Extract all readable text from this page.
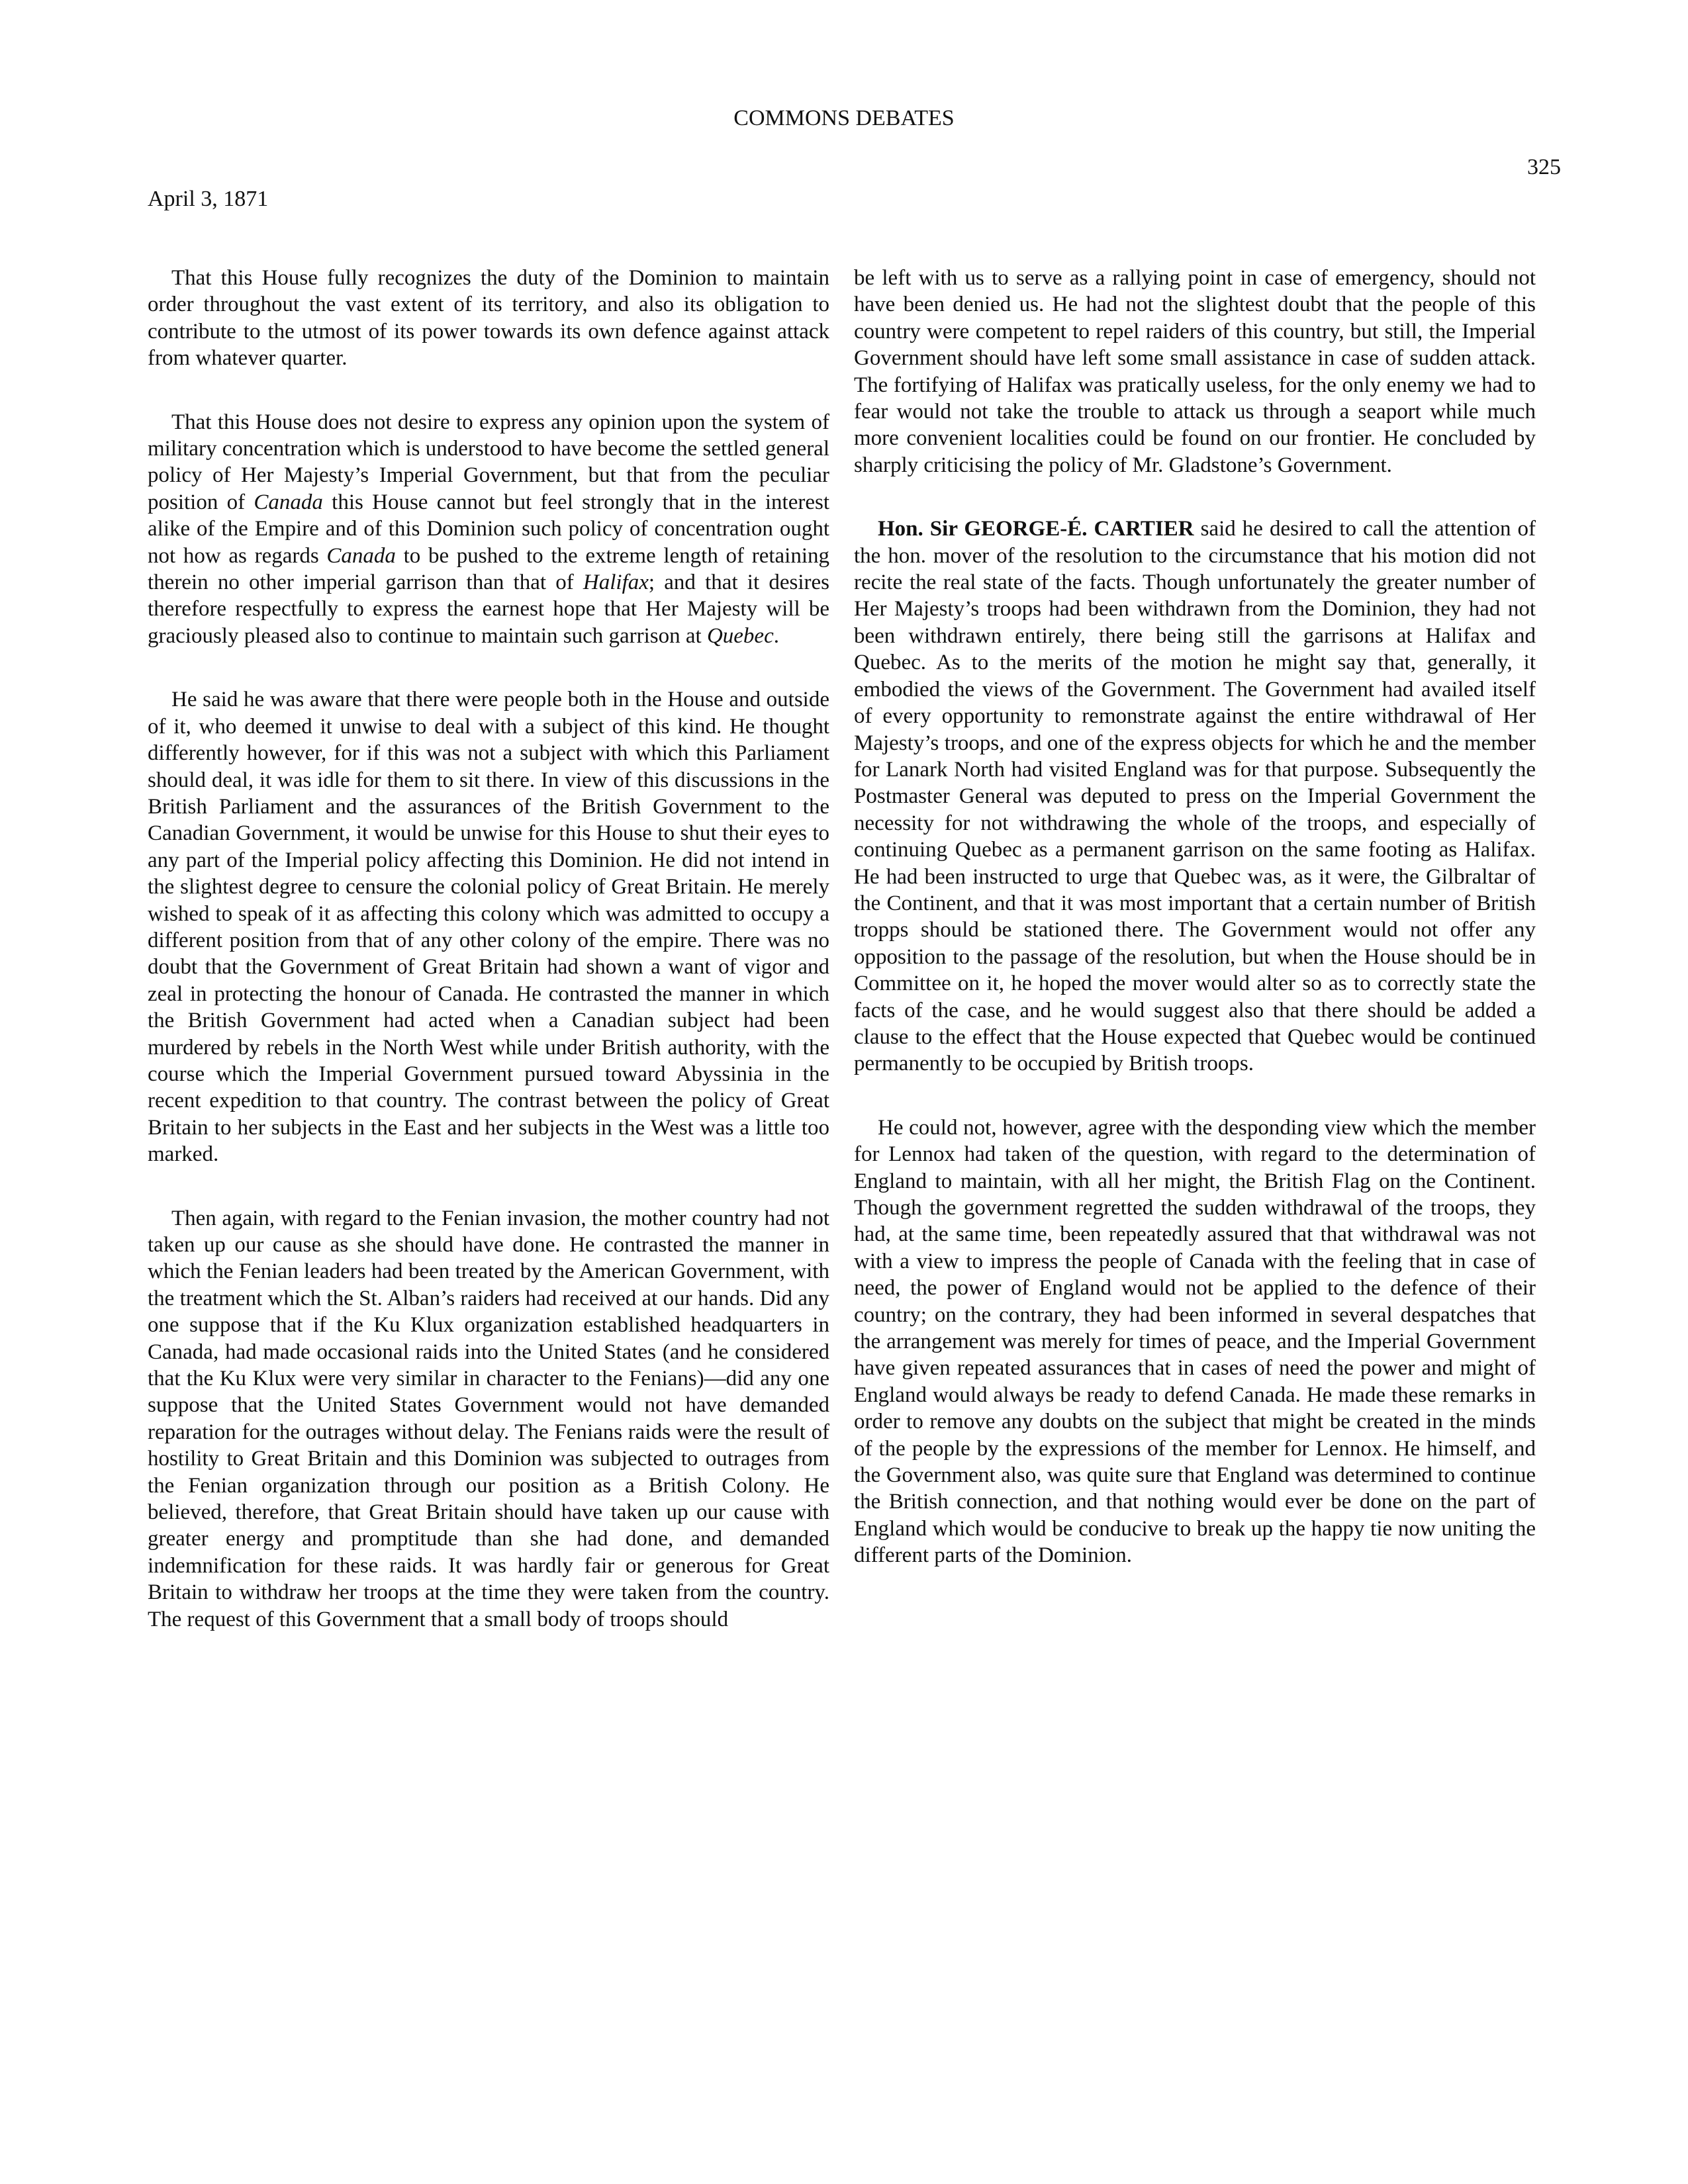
COMMONS DEBATES
325
April 3, 1871

That this House fully recognizes the duty of the Dominion to maintain order throughout the vast extent of its territory, and also its obligation to contribute to the utmost of its power towards its own defence against attack from whatever quarter.

That this House does not desire to express any opinion upon the system of military concentration which is understood to have become the settled general policy of Her Majesty’s Imperial Government, but that from the peculiar position of Canada this House cannot but feel strongly that in the interest alike of the Empire and of this Dominion such policy of concentration ought not how as regards Canada to be pushed to the extreme length of retaining therein no other imperial garrison than that of Halifax; and that it desires therefore respectfully to express the earnest hope that Her Majesty will be graciously pleased also to continue to maintain such garrison at Quebec.

He said he was aware that there were people both in the House and outside of it, who deemed it unwise to deal with a subject of this kind. He thought differently however, for if this was not a subject with which this Parliament should deal, it was idle for them to sit there. In view of this discussions in the British Parliament and the assurances of the British Government to the Canadian Government, it would be unwise for this House to shut their eyes to any part of the Imperial policy affecting this Dominion. He did not intend in the slightest degree to censure the colonial policy of Great Britain. He merely wished to speak of it as affecting this colony which was admitted to occupy a different position from that of any other colony of the empire. There was no doubt that the Government of Great Britain had shown a want of vigor and zeal in protecting the honour of Canada. He contrasted the manner in which the British Government had acted when a Canadian subject had been murdered by rebels in the North West while under British authority, with the course which the Imperial Government pursued toward Abyssinia in the recent expedition to that country. The contrast between the policy of Great Britain to her subjects in the East and her subjects in the West was a little too marked.

Then again, with regard to the Fenian invasion, the mother country had not taken up our cause as she should have done. He contrasted the manner in which the Fenian leaders had been treated by the American Government, with the treatment which the St. Alban’s raiders had received at our hands. Did any one suppose that if the Ku Klux organization established headquarters in Canada, had made occasional raids into the United States (and he considered that the Ku Klux were very similar in character to the Fenians)—did any one suppose that the United States Government would not have demanded reparation for the outrages without delay. The Fenians raids were the result of hostility to Great Britain and this Dominion was subjected to outrages from the Fenian organization through our position as a British Colony. He believed, therefore, that Great Britain should have taken up our cause with greater energy and promptitude than she had done, and demanded indemnification for these raids. It was hardly fair or generous for Great Britain to withdraw her troops at the time they were taken from the country. The request of this Government that a small body of troops should

be left with us to serve as a rallying point in case of emergency, should not have been denied us. He had not the slightest doubt that the people of this country were competent to repel raiders of this country, but still, the Imperial Government should have left some small assistance in case of sudden attack. The fortifying of Halifax was pratically useless, for the only enemy we had to fear would not take the trouble to attack us through a seaport while much more convenient localities could be found on our frontier. He concluded by sharply criticising the policy of Mr. Gladstone’s Government.

Hon. Sir GEORGE-É. CARTIER said he desired to call the attention of the hon. mover of the resolution to the circumstance that his motion did not recite the real state of the facts. Though unfortunately the greater number of Her Majesty’s troops had been withdrawn from the Dominion, they had not been withdrawn entirely, there being still the garrisons at Halifax and Quebec. As to the merits of the motion he might say that, generally, it embodied the views of the Government. The Government had availed itself of every opportunity to remonstrate against the entire withdrawal of Her Majesty’s troops, and one of the express objects for which he and the member for Lanark North had visited England was for that purpose. Subsequently the Postmaster General was deputed to press on the Imperial Government the necessity for not withdrawing the whole of the troops, and especially of continuing Quebec as a permanent garrison on the same footing as Halifax. He had been instructed to urge that Quebec was, as it were, the Gilbraltar of the Continent, and that it was most important that a certain number of British tropps should be stationed there. The Government would not offer any opposition to the passage of the resolution, but when the House should be in Committee on it, he hoped the mover would alter so as to correctly state the facts of the case, and he would suggest also that there should be added a clause to the effect that the House expected that Quebec would be continued permanently to be occupied by British troops.

He could not, however, agree with the desponding view which the member for Lennox had taken of the question, with regard to the determination of England to maintain, with all her might, the British Flag on the Continent. Though the government regretted the sudden withdrawal of the troops, they had, at the same time, been repeatedly assured that that withdrawal was not with a view to impress the people of Canada with the feeling that in case of need, the power of England would not be applied to the defence of their country; on the contrary, they had been informed in several despatches that the arrangement was merely for times of peace, and the Imperial Government have given repeated assurances that in cases of need the power and might of England would always be ready to defend Canada. He made these remarks in order to remove any doubts on the subject that might be created in the minds of the people by the expressions of the member for Lennox. He himself, and the Government also, was quite sure that England was determined to continue the British connection, and that nothing would ever be done on the part of England which would be conducive to break up the happy tie now uniting the different parts of the Dominion.
